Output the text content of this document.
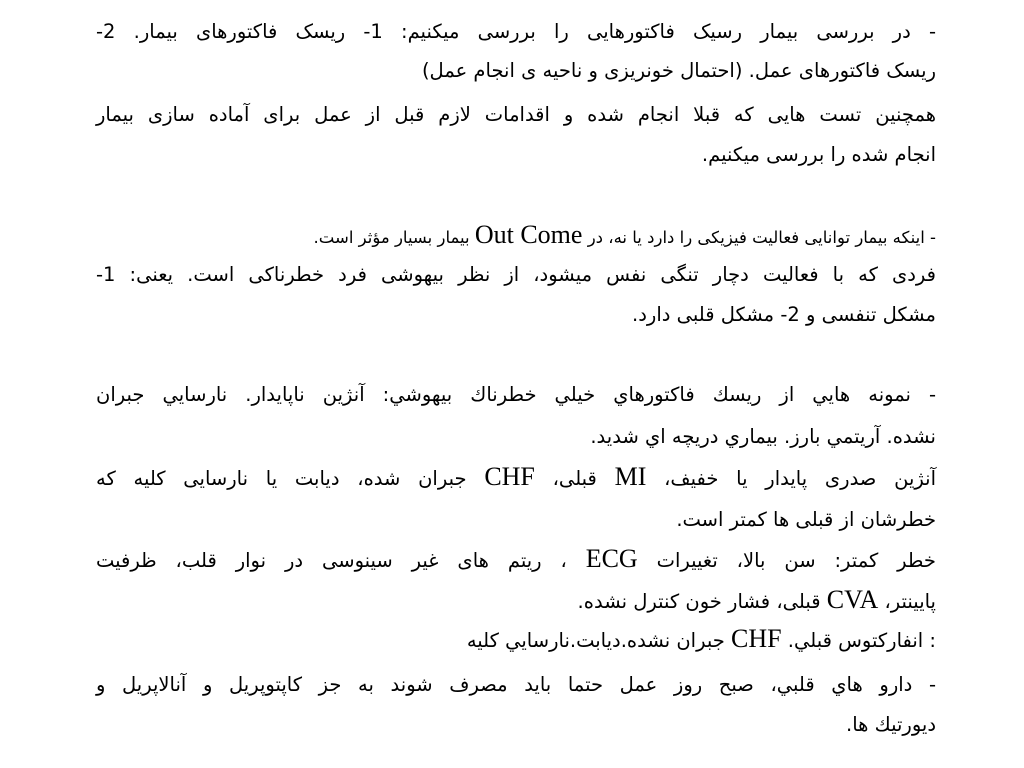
- در بررسی بیمار رسیک فاکتورهایی را بررسی میکنیم: 1- ریسک فاکتورهای بیمار. 2-
ریسک فاکتورهای عمل. (احتمال خونریزی و ناحیه ی انجام عمل)
همچنین تست هایی که قبلا انجام شده و اقدامات لازم قبل از عمل برای آماده سازی بیمار
انجام شده را بررسی میکنیم.
- اینکه بیمار توانایی فعالیت فیزیکی را دارد یا نه، در Out Come بیمار بسیار مؤثر است.
فردی که با فعالیت دچار تنگی نفس میشود، از نظر بیهوشی فرد خطرناکی است. یعنی: 1-
مشکل تنفسی و 2- مشکل قلبی دارد.
- نمونه هايي از ريسك فاكتورهاي خيلي خطرناك بيهوشي: آنژين ناپايدار. نارسايي جبران
نشده. آريتمي بارز. بيماري دريچه اي شديد.
آنژین صدری پایدار یا خفیف، MI قبلی، CHF جبران شده، دیابت یا نارسایی کلیه که
خطرشان از قبلی ها کمتر است.
خطر کمتر: سن بالا، تغییرات ECG ، ریتم های غیر سینوسی در نوار قلب، ظرفیت
پایینتر، CVA قبلی، فشار خون کنترل نشده.
: انفاركتوس قبلي. CHF جبران نشده.ديابت.نارسايي كليه
- دارو هاي قلبي، صبح روز عمل حتما بايد مصرف شوند به جز كاپتوپريل و آنالاپريل و
ديورتيك ها.
